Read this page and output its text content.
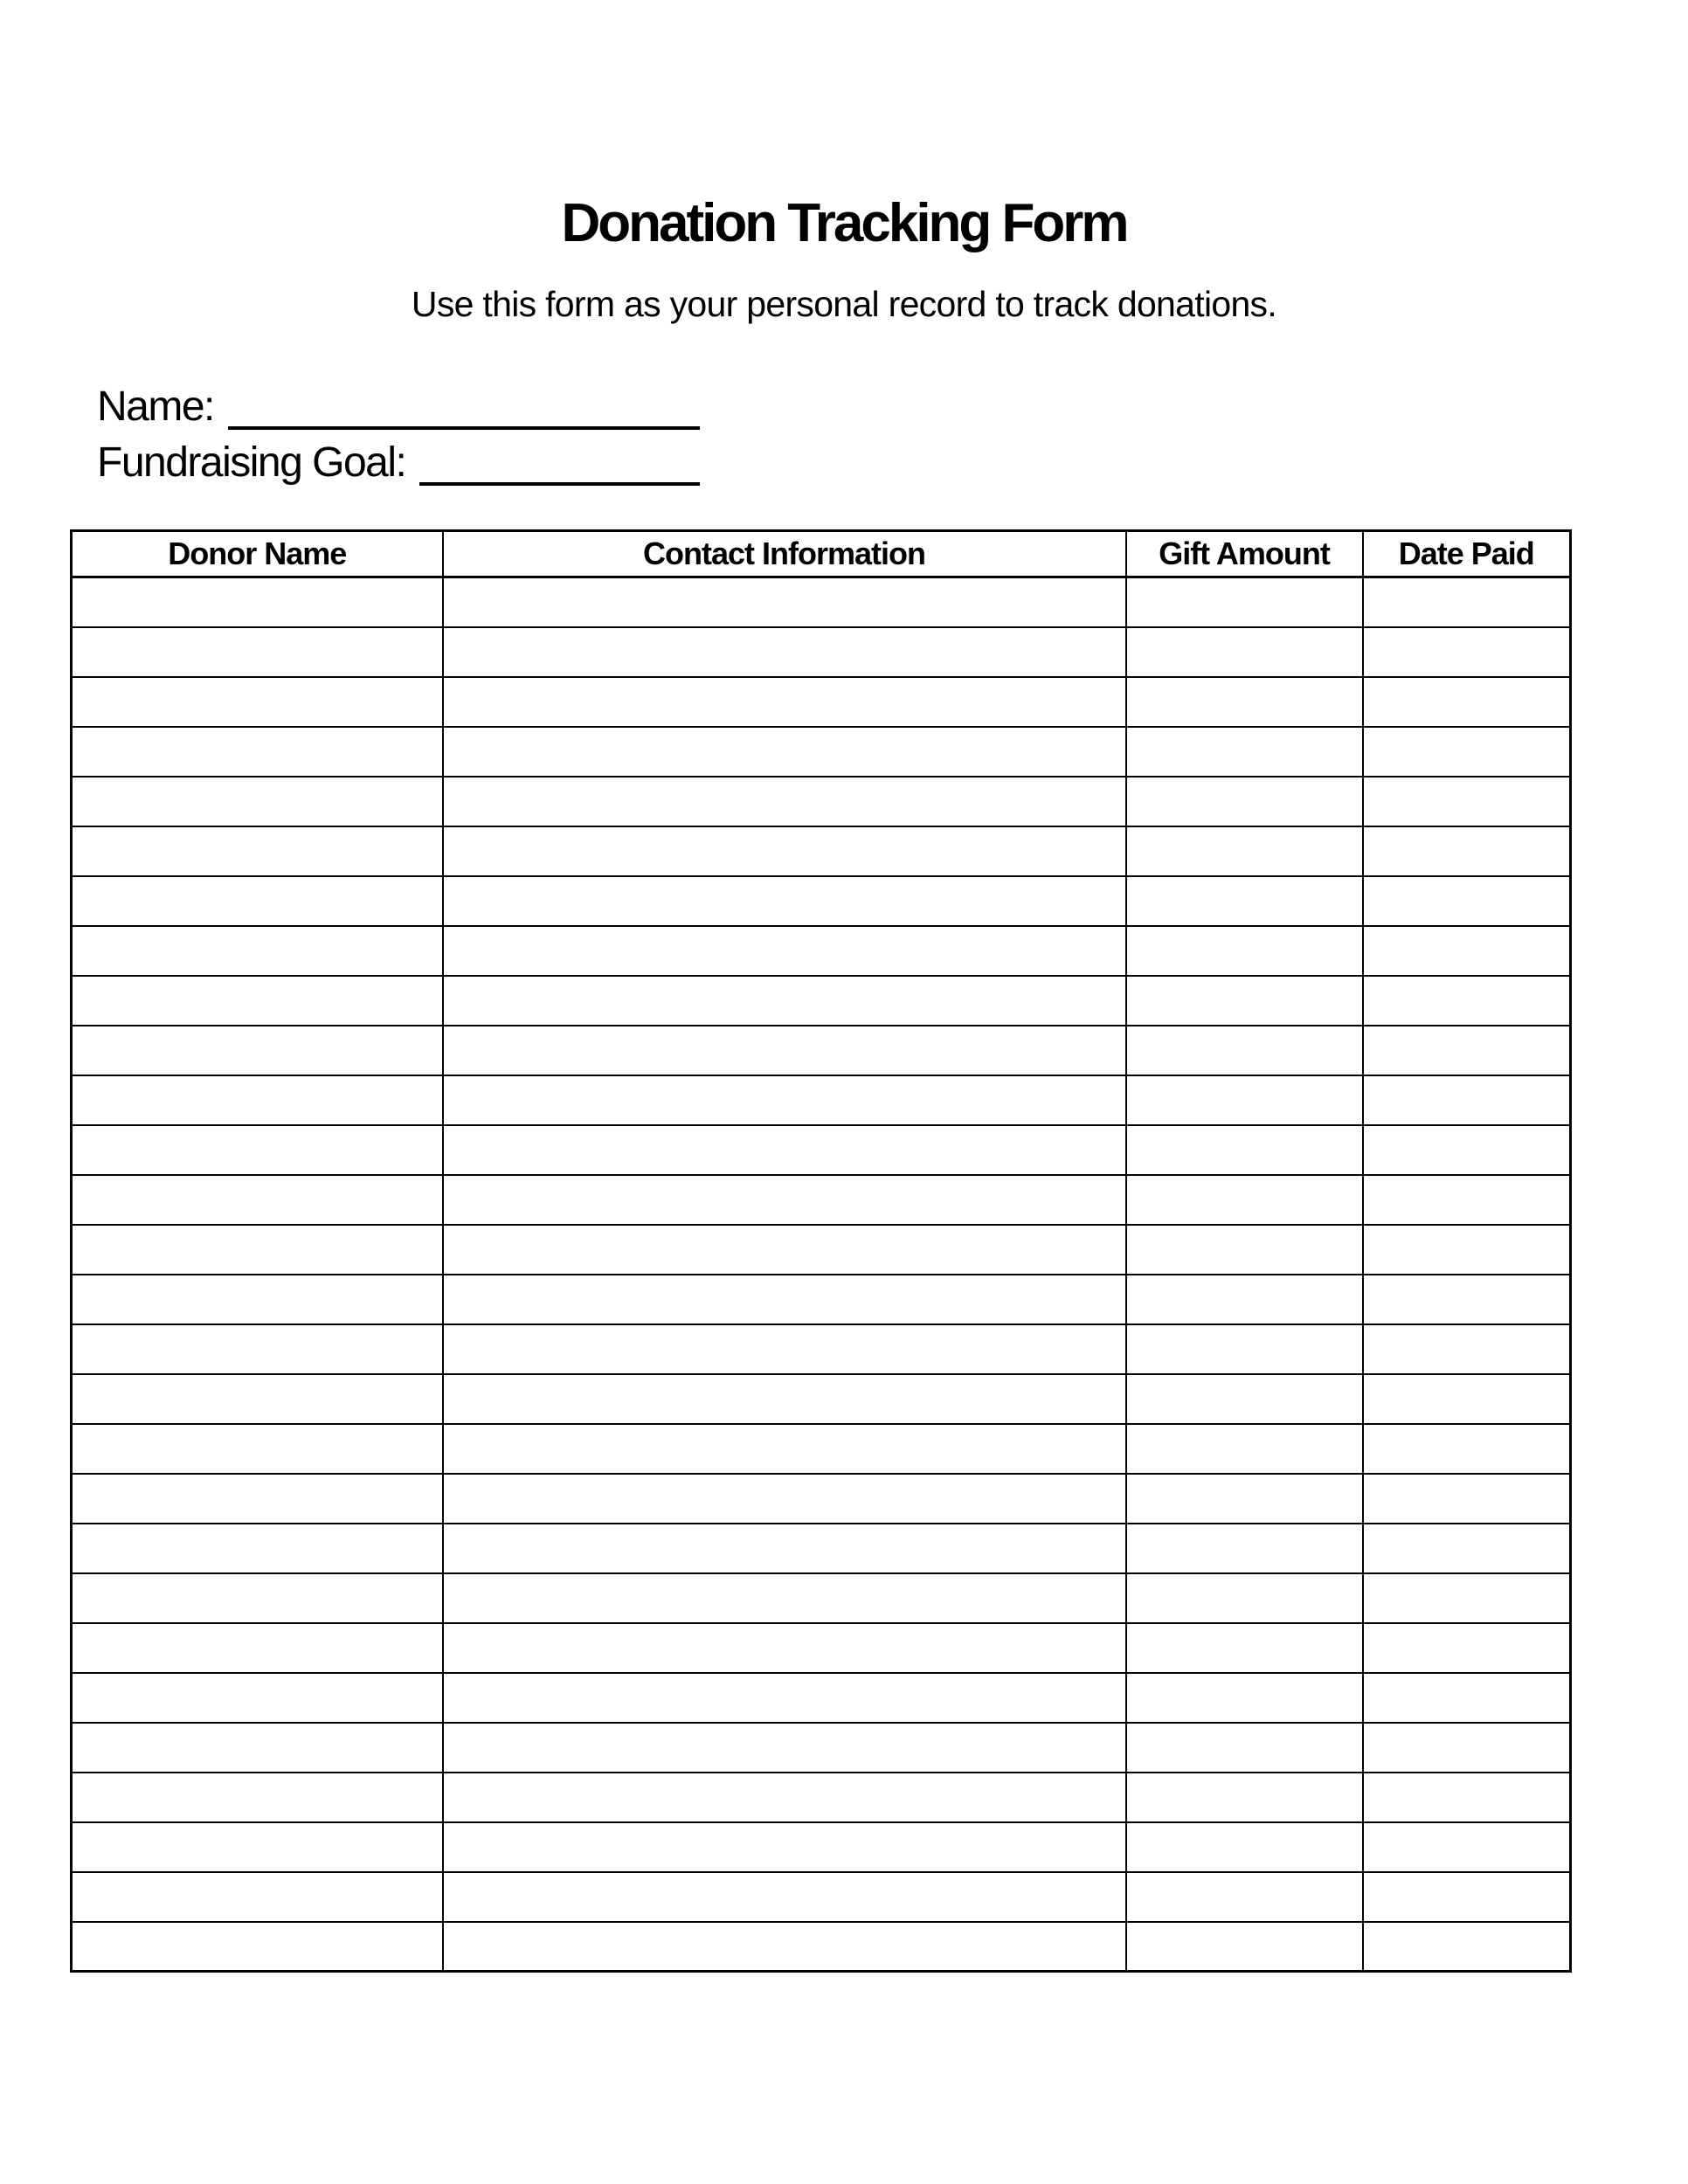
Donation Tracking Form

Use this form as your personal record to track donations.

Name:
Fundraising Goal:
Donor Name	Contact Information	Gift Amount	Date Paid
